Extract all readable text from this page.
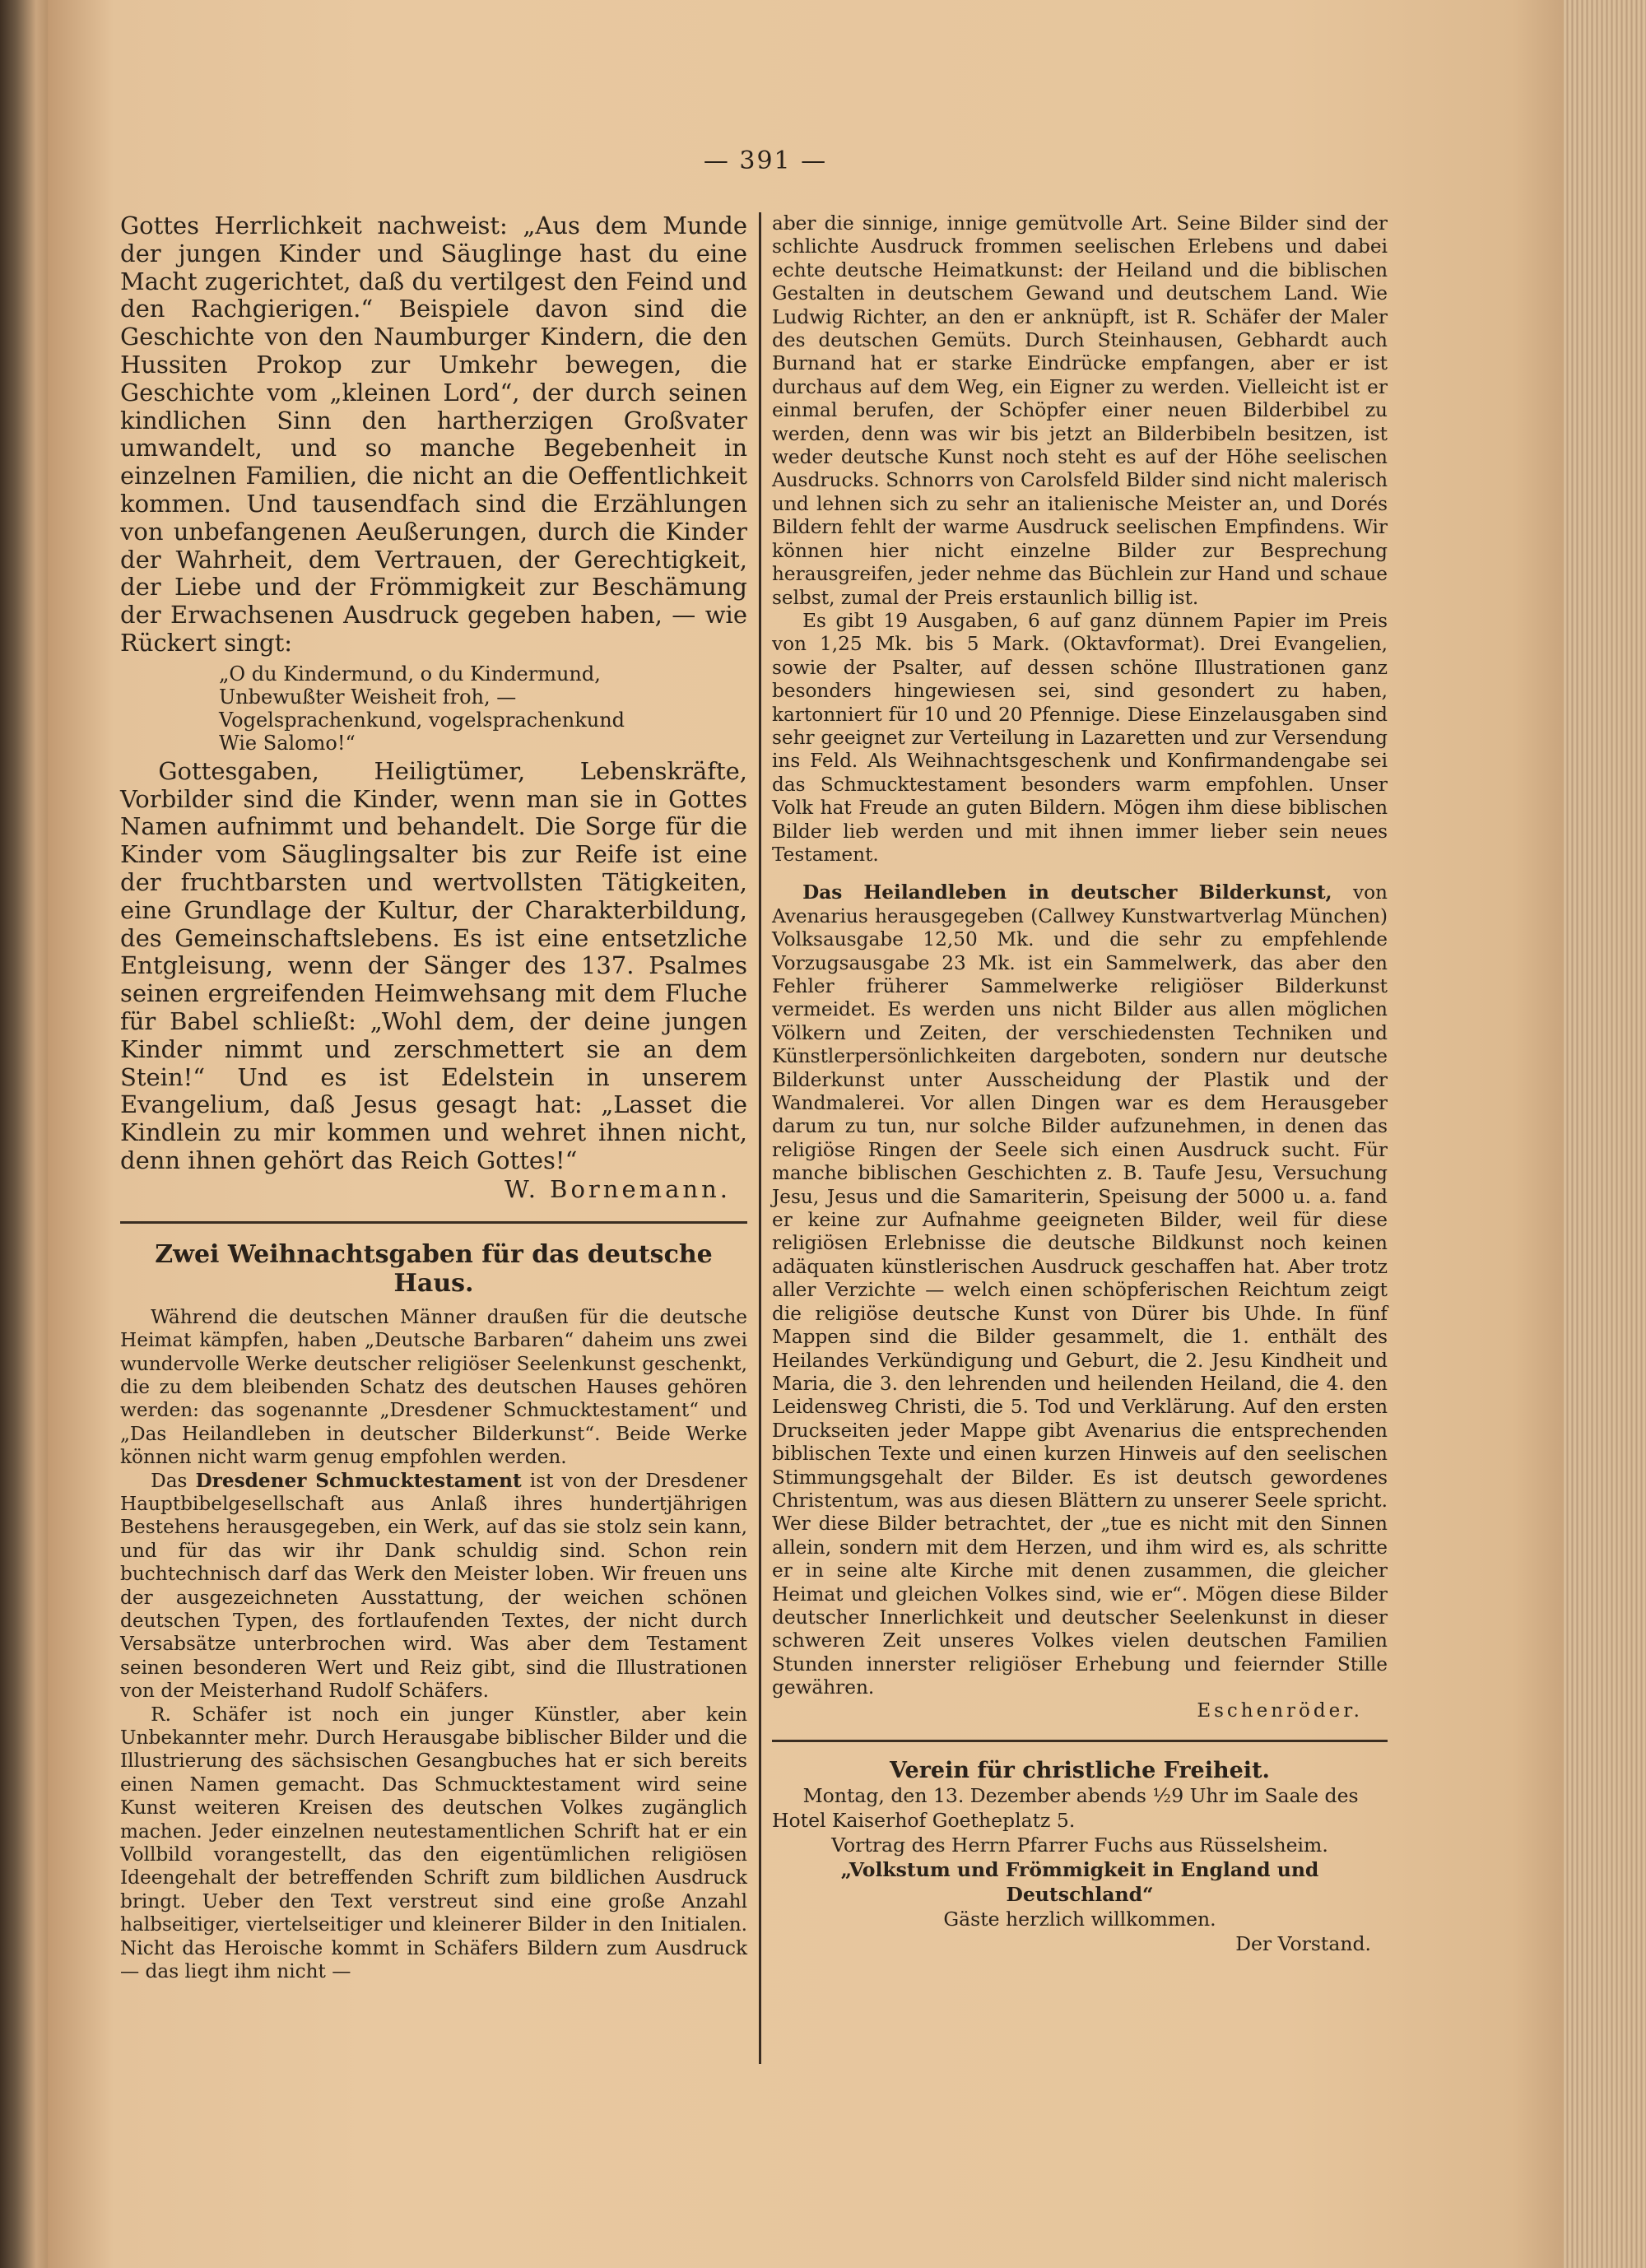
— 391 —

Gottes Herrlichkeit nachweist: „Aus dem Munde der jungen Kinder und Säuglinge hast du eine Macht zugerichtet, daß du vertilgest den Feind und den Rachgierigen.“ Beispiele davon sind die Geschichte von den Naumburger Kindern, die den Hussiten Prokop zur Umkehr bewegen, die Geschichte vom „kleinen Lord“, der durch seinen kindlichen Sinn den hartherzigen Großvater umwandelt, und so manche Begebenheit in einzelnen Familien, die nicht an die Oeffentlichkeit kommen. Und tausendfach sind die Erzählungen von unbefangenen Aeußerungen, durch die Kinder der Wahrheit, dem Vertrauen, der Gerechtigkeit, der Liebe und der Frömmigkeit zur Beschämung der Erwachsenen Ausdruck gegeben haben, — wie Rückert singt:

„O du Kindermund, o du Kindermund,
Unbewußter Weisheit froh, —
Vogelsprachenkund, vogelsprachenkund
Wie Salomo!“

Gottesgaben, Heiligtümer, Lebenskräfte, Vorbilder sind die Kinder, wenn man sie in Gottes Namen aufnimmt und behandelt. Die Sorge für die Kinder vom Säuglingsalter bis zur Reife ist eine der fruchtbarsten und wertvollsten Tätigkeiten, eine Grundlage der Kultur, der Charakterbildung, des Gemeinschaftslebens. Es ist eine entsetzliche Entgleisung, wenn der Sänger des 137. Psalmes seinen ergreifenden Heimwehsang mit dem Fluche für Babel schließt: „Wohl dem, der deine jungen Kinder nimmt und zerschmettert sie an dem Stein!“ Und es ist Edelstein in unserem Evangelium, daß Jesus gesagt hat: „Lasset die Kindlein zu mir kommen und wehret ihnen nicht, denn ihnen gehört das Reich Gottes!“

W. Bornemann.

Zwei Weihnachtsgaben für das deutsche Haus.

Während die deutschen Männer draußen für die deutsche Heimat kämpfen, haben „Deutsche Barbaren“ daheim uns zwei wundervolle Werke deutscher religiöser Seelenkunst geschenkt, die zu dem bleibenden Schatz des deutschen Hauses gehören werden: das sogenannte „Dresdener Schmucktestament“ und „Das Heilandleben in deutscher Bilderkunst“. Beide Werke können nicht warm genug empfohlen werden.

Das Dresdener Schmucktestament ist von der Dresdener Hauptbibelgesellschaft aus Anlaß ihres hundertjährigen Bestehens herausgegeben, ein Werk, auf das sie stolz sein kann, und für das wir ihr Dank schuldig sind. Schon rein buchtechnisch darf das Werk den Meister loben. Wir freuen uns der ausgezeichneten Ausstattung, der weichen schönen deutschen Typen, des fortlaufenden Textes, der nicht durch Versabsätze unterbrochen wird. Was aber dem Testament seinen besonderen Wert und Reiz gibt, sind die Illustrationen von der Meisterhand Rudolf Schäfers.

R. Schäfer ist noch ein junger Künstler, aber kein Unbekannter mehr. Durch Herausgabe biblischer Bilder und die Illustrierung des sächsischen Gesangbuches hat er sich bereits einen Namen gemacht. Das Schmucktestament wird seine Kunst weiteren Kreisen des deutschen Volkes zugänglich machen. Jeder einzelnen neutestamentlichen Schrift hat er ein Vollbild vorangestellt, das den eigentümlichen religiösen Ideengehalt der betreffenden Schrift zum bildlichen Ausdruck bringt. Ueber den Text verstreut sind eine große Anzahl halbseitiger, viertelseitiger und kleinerer Bilder in den Initialen. Nicht das Heroische kommt in Schäfers Bildern zum Ausdruck — das liegt ihm nicht —

aber die sinnige, innige gemütvolle Art. Seine Bilder sind der schlichte Ausdruck frommen seelischen Erlebens und dabei echte deutsche Heimatkunst: der Heiland und die biblischen Gestalten in deutschem Gewand und deutschem Land. Wie Ludwig Richter, an den er anknüpft, ist R. Schäfer der Maler des deutschen Gemüts. Durch Steinhausen, Gebhardt auch Burnand hat er starke Eindrücke empfangen, aber er ist durchaus auf dem Weg, ein Eigner zu werden. Vielleicht ist er einmal berufen, der Schöpfer einer neuen Bilderbibel zu werden, denn was wir bis jetzt an Bilderbibeln besitzen, ist weder deutsche Kunst noch steht es auf der Höhe seelischen Ausdrucks. Schnorrs von Carolsfeld Bilder sind nicht malerisch und lehnen sich zu sehr an italienische Meister an, und Dorés Bildern fehlt der warme Ausdruck seelischen Empfindens. Wir können hier nicht einzelne Bilder zur Besprechung herausgreifen, jeder nehme das Büchlein zur Hand und schaue selbst, zumal der Preis erstaunlich billig ist.

Es gibt 19 Ausgaben, 6 auf ganz dünnem Papier im Preis von 1,25 Mk. bis 5 Mark. (Oktavformat). Drei Evangelien, sowie der Psalter, auf dessen schöne Illustrationen ganz besonders hingewiesen sei, sind gesondert zu haben, kartonniert für 10 und 20 Pfennige. Diese Einzelausgaben sind sehr geeignet zur Verteilung in Lazaretten und zur Versendung ins Feld. Als Weihnachtsgeschenk und Konfirmandengabe sei das Schmucktestament besonders warm empfohlen. Unser Volk hat Freude an guten Bildern. Mögen ihm diese biblischen Bilder lieb werden und mit ihnen immer lieber sein neues Testament.

Das Heilandleben in deutscher Bilderkunst, von Avenarius herausgegeben (Callwey Kunstwartverlag München) Volksausgabe 12,50 Mk. und die sehr zu empfehlende Vorzugsausgabe 23 Mk. ist ein Sammelwerk, das aber den Fehler früherer Sammelwerke religiöser Bilderkunst vermeidet. Es werden uns nicht Bilder aus allen möglichen Völkern und Zeiten, der verschiedensten Techniken und Künstlerpersönlichkeiten dargeboten, sondern nur deutsche Bilderkunst unter Ausscheidung der Plastik und der Wandmalerei. Vor allen Dingen war es dem Herausgeber darum zu tun, nur solche Bilder aufzunehmen, in denen das religiöse Ringen der Seele sich einen Ausdruck sucht. Für manche biblischen Geschichten z. B. Taufe Jesu, Versuchung Jesu, Jesus und die Samariterin, Speisung der 5000 u. a. fand er keine zur Aufnahme geeigneten Bilder, weil für diese religiösen Erlebnisse die deutsche Bildkunst noch keinen adäquaten künstlerischen Ausdruck geschaffen hat. Aber trotz aller Verzichte — welch einen schöpferischen Reichtum zeigt die religiöse deutsche Kunst von Dürer bis Uhde. In fünf Mappen sind die Bilder gesammelt, die 1. enthält des Heilandes Verkündigung und Geburt, die 2. Jesu Kindheit und Maria, die 3. den lehrenden und heilenden Heiland, die 4. den Leidensweg Christi, die 5. Tod und Verklärung. Auf den ersten Druckseiten jeder Mappe gibt Avenarius die entsprechenden biblischen Texte und einen kurzen Hinweis auf den seelischen Stimmungsgehalt der Bilder. Es ist deutsch gewordenes Christentum, was aus diesen Blättern zu unserer Seele spricht. Wer diese Bilder betrachtet, der „tue es nicht mit den Sinnen allein, sondern mit dem Herzen, und ihm wird es, als schritte er in seine alte Kirche mit denen zusammen, die gleicher Heimat und gleichen Volkes sind, wie er“. Mögen diese Bilder deutscher Innerlichkeit und deutscher Seelenkunst in dieser schweren Zeit unseres Volkes vielen deutschen Familien Stunden innerster religiöser Erhebung und feiernder Stille gewähren.

Eschenröder.

Verein für christliche Freiheit.

Montag, den 13. Dezember abends ½9 Uhr im Saale des Hotel Kaiserhof Goetheplatz 5.

Vortrag des Herrn Pfarrer Fuchs aus Rüsselsheim.

„Volkstum und Frömmigkeit in England und Deutschland“

Gäste herzlich willkommen.

Der Vorstand.
